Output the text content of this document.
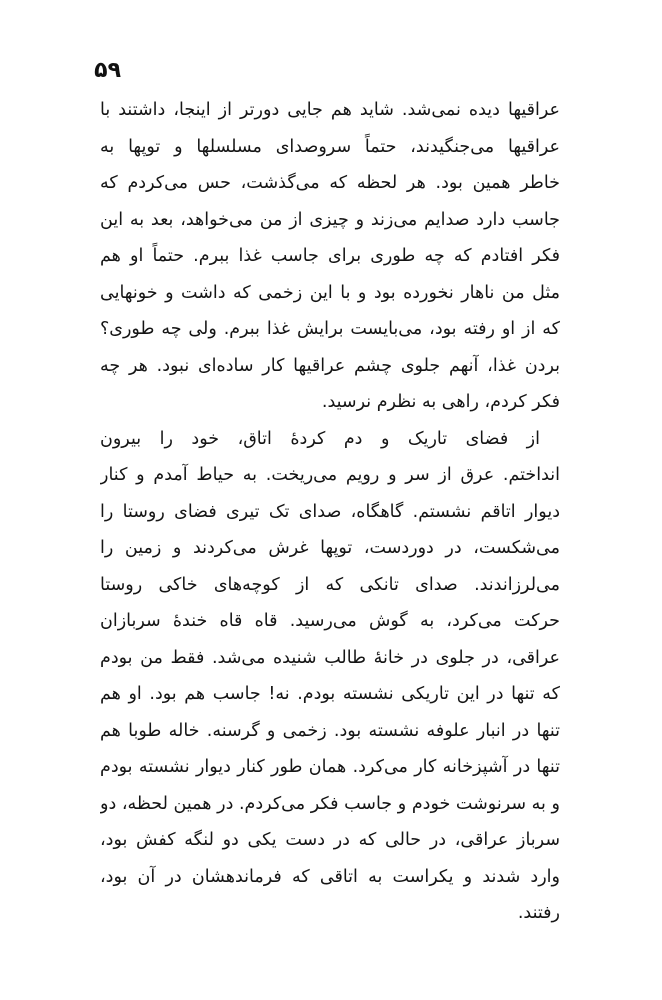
۵۹
عراقیها دیده نمی‌شد. شاید هم جایی دورتر از اینجا، داشتند با
عراقیها می‌جنگیدند، حتماً سروصدای مسلسلها و توپها به
خاطر همین بود. هر لحظه که می‌گذشت، حس می‌کردم که
جاسب دارد صدایم می‌زند و چیزی از من می‌خواهد، بعد به این
فکر افتادم که چه طوری برای جاسب غذا ببرم. حتماً او هم
مثل من ناهار نخورده بود و با این زخمی که داشت و خونهایی
که از او رفته بود، می‌بایست برایش غذا ببرم. ولی چه طوری؟
بردن غذا، آنهم جلوی چشم عراقیها کار ساده‌ای نبود. هر چه
فکر کردم، راهی به نظرم نرسید.
از فضای تاریک و دم کردهٔ اتاق، خود را بیرون
انداختم. عرق از سر و رویم می‌ریخت. به حیاط آمدم و کنار
دیوار اتاقم نشستم. گاهگاه، صدای تک تیری فضای روستا را
می‌شکست، در دوردست، توپها غرش می‌کردند و زمین را
می‌لرزاندند. صدای تانکی که از کوچه‌های خاکی روستا
حرکت می‌کرد، به گوش می‌رسید. قاه قاه خندهٔ سربازان
عراقی، در جلوی در خانهٔ طالب شنیده می‌شد. فقط من بودم
که تنها در این تاریکی نشسته بودم. نه! جاسب هم بود. او هم
تنها در انبار علوفه نشسته بود. زخمی و گرسنه. خاله طوبا هم
تنها در آشپزخانه کار می‌کرد. همان طور کنار دیوار نشسته بودم
و به سرنوشت خودم و جاسب فکر می‌کردم. در همین لحظه، دو
سرباز عراقی، در حالی که در دست یکی دو لنگه کفش بود،
وارد شدند و یکراست به اتاقی که فرماندهشان در آن بود،
رفتند.
